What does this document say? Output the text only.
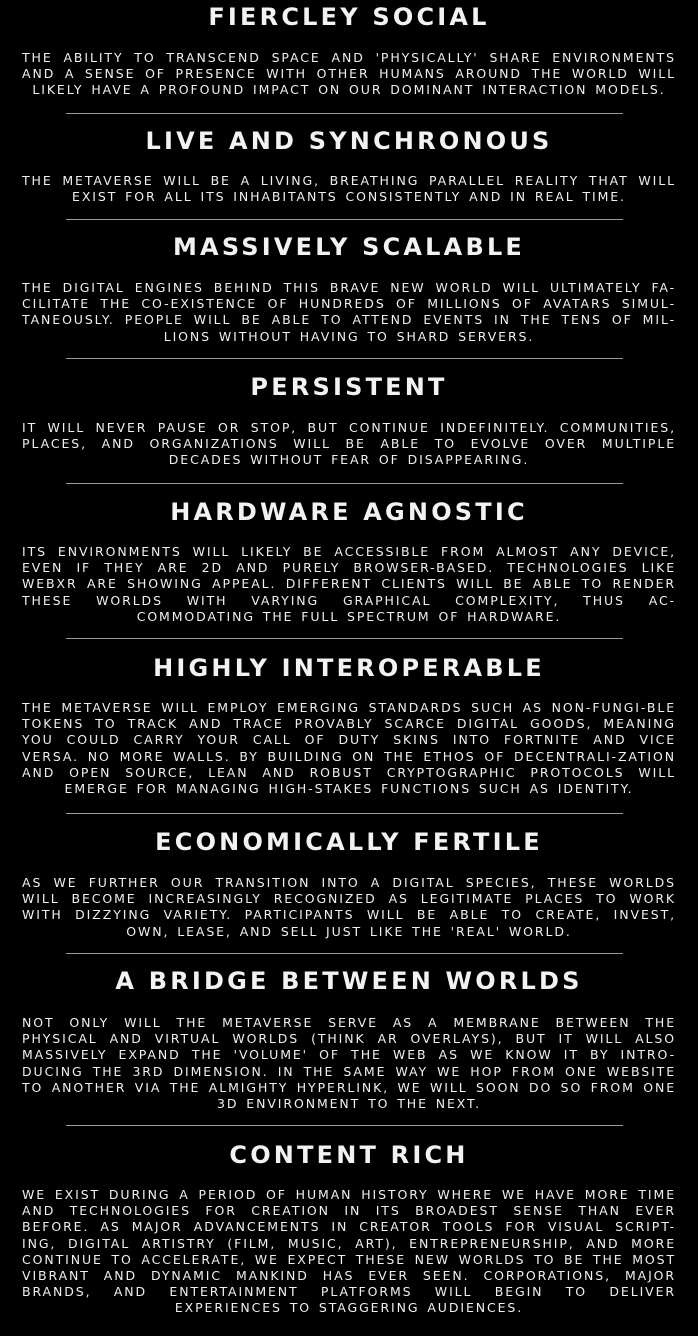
FIERCLEY SOCIAL
THE ABILITY TO TRANSCEND SPACE AND 'PHYSICALLY' SHARE ENVIRONMENTS AND A SENSE OF PRESENCE WITH OTHER HUMANS AROUND THE WORLD WILL LIKELY HAVE A PROFOUND IMPACT ON OUR DOMINANT INTERACTION MODELS.
LIVE AND SYNCHRONOUS
THE METAVERSE WILL BE A LIVING, BREATHING PARALLEL REALITY THAT WILL EXIST FOR ALL ITS INHABITANTS CONSISTENTLY AND IN REAL TIME.
MASSIVELY SCALABLE
THE DIGITAL ENGINES BEHIND THIS BRAVE NEW WORLD WILL ULTIMATELY FA-CILITATE THE CO-EXISTENCE OF HUNDREDS OF MILLIONS OF AVATARS SIMUL-TANEOUSLY. PEOPLE WILL BE ABLE TO ATTEND EVENTS IN THE TENS OF MIL-LIONS WITHOUT HAVING TO SHARD SERVERS.
PERSISTENT
IT WILL NEVER PAUSE OR STOP, BUT CONTINUE INDEFINITELY. COMMUNITIES, PLACES, AND ORGANIZATIONS WILL BE ABLE TO EVOLVE OVER MULTIPLE DECADES WITHOUT FEAR OF DISAPPEARING.
HARDWARE AGNOSTIC
ITS ENVIRONMENTS WILL LIKELY BE ACCESSIBLE FROM ALMOST ANY DEVICE, EVEN IF THEY ARE 2D AND PURELY BROWSER-BASED. TECHNOLOGIES LIKE WEBXR ARE SHOWING APPEAL. DIFFERENT CLIENTS WILL BE ABLE TO RENDER THESE WORLDS WITH VARYING GRAPHICAL COMPLEXITY, THUS AC-COMMODATING THE FULL SPECTRUM OF HARDWARE.
HIGHLY INTEROPERABLE
THE METAVERSE WILL EMPLOY EMERGING STANDARDS SUCH AS NON-FUNGI-BLE TOKENS TO TRACK AND TRACE PROVABLY SCARCE DIGITAL GOODS, MEANING YOU COULD CARRY YOUR CALL OF DUTY SKINS INTO FORTNITE AND VICE VERSA. NO MORE WALLS. BY BUILDING ON THE ETHOS OF DECENTRALI-ZATION AND OPEN SOURCE, LEAN AND ROBUST CRYPTOGRAPHIC PROTOCOLS WILL EMERGE FOR MANAGING HIGH-STAKES FUNCTIONS SUCH AS IDENTITY.
ECONOMICALLY FERTILE
AS WE FURTHER OUR TRANSITION INTO A DIGITAL SPECIES, THESE WORLDS WILL BECOME INCREASINGLY RECOGNIZED AS LEGITIMATE PLACES TO WORK WITH DIZZYING VARIETY. PARTICIPANTS WILL BE ABLE TO CREATE, INVEST, OWN, LEASE, AND SELL JUST LIKE THE 'REAL' WORLD.
A BRIDGE BETWEEN WORLDS
NOT ONLY WILL THE METAVERSE SERVE AS A MEMBRANE BETWEEN THE PHYSICAL AND VIRTUAL WORLDS (THINK AR OVERLAYS), BUT IT WILL ALSO MASSIVELY EXPAND THE 'VOLUME' OF THE WEB AS WE KNOW IT BY INTRO-DUCING THE 3RD DIMENSION. IN THE SAME WAY WE HOP FROM ONE WEBSITE TO ANOTHER VIA THE ALMIGHTY HYPERLINK, WE WILL SOON DO SO FROM ONE 3D ENVIRONMENT TO THE NEXT.
CONTENT RICH
WE EXIST DURING A PERIOD OF HUMAN HISTORY WHERE WE HAVE MORE TIME AND TECHNOLOGIES FOR CREATION IN ITS BROADEST SENSE THAN EVER BEFORE. AS MAJOR ADVANCEMENTS IN CREATOR TOOLS FOR VISUAL SCRIPT-ING, DIGITAL ARTISTRY (FILM, MUSIC, ART), ENTREPRENEURSHIP, AND MORE CONTINUE TO ACCELERATE, WE EXPECT THESE NEW WORLDS TO BE THE MOST VIBRANT AND DYNAMIC MANKIND HAS EVER SEEN. CORPORATIONS, MAJOR BRANDS, AND ENTERTAINMENT PLATFORMS WILL BEGIN TO DELIVER EXPERIENCES TO STAGGERING AUDIENCES.
